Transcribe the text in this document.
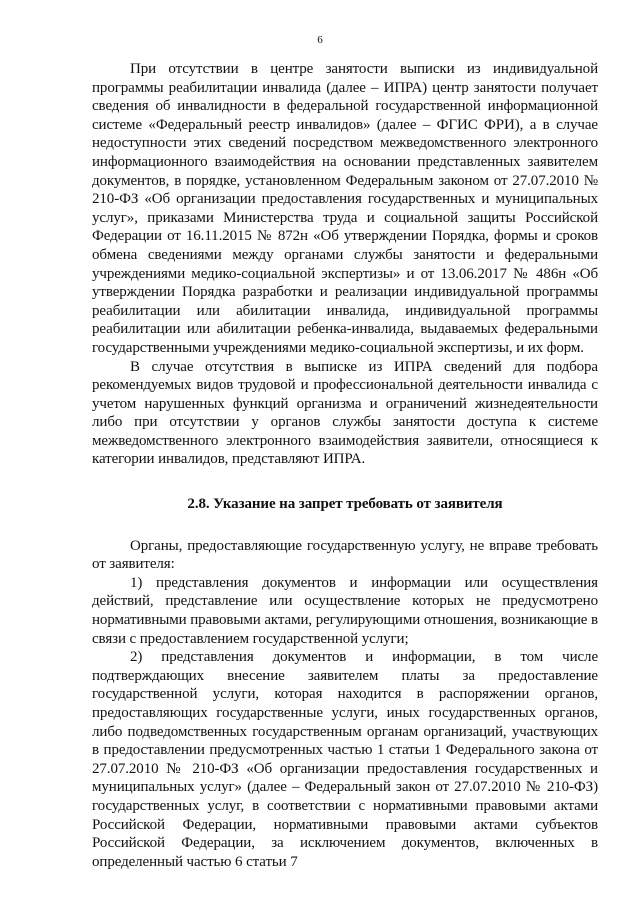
6

При отсутствии в центре занятости выписки из индивидуальной программы реабилитации инвалида (далее – ИПРА) центр занятости получает сведения об инвалидности в федеральной государственной информационной системе «Федеральный реестр инвалидов» (далее – ФГИС ФРИ), а в случае недоступности этих сведений посредством межведомственного электронного информационного взаимодействия на основании представленных заявителем документов, в порядке, установленном Федеральным законом от 27.07.2010 № 210-ФЗ «Об организации предоставления государственных и муниципальных услуг», приказами Министерства труда и социальной защиты Российской Федерации от 16.11.2015 № 872н «Об утверждении Порядка, формы и сроков обмена сведениями между органами службы занятости и федеральными учреждениями медико-социальной экспертизы» и от 13.06.2017 № 486н «Об утверждении Порядка разработки и реализации индивидуальной программы реабилитации или абилитации инвалида, индивидуальной программы реабилитации или абилитации ребенка-инвалида, выдаваемых федеральными государственными учреждениями медико-социальной экспертизы, и их форм.

В случае отсутствия в выписке из ИПРА сведений для подбора рекомендуемых видов трудовой и профессиональной деятельности инвалида с учетом нарушенных функций организма и ограничений жизнедеятельности либо при отсутствии у органов службы занятости доступа к системе межведомственного электронного взаимодействия заявители, относящиеся к категории инвалидов, представляют ИПРА.

2.8. Указание на запрет требовать от заявителя

Органы, предоставляющие государственную услугу, не вправе требовать от заявителя:

1) представления документов и информации или осуществления действий, представление или осуществление которых не предусмотрено нормативными правовыми актами, регулирующими отношения, возникающие в связи с предоставлением государственной услуги;

2) представления документов и информации, в том числе подтверждающих внесение заявителем платы за предоставление государственной услуги, которая находится в распоряжении органов, предоставляющих государственные услуги, иных государственных органов, либо подведомственных государственным органам организаций, участвующих в предоставлении предусмотренных частью 1 статьи 1 Федерального закона от 27.07.2010 № 210-ФЗ «Об организации предоставления государственных и муниципальных услуг» (далее – Федеральный закон от 27.07.2010 № 210-ФЗ) государственных услуг, в соответствии с нормативными правовыми актами Российской Федерации, нормативными правовыми актами субъектов Российской Федерации, за исключением документов, включенных в определенный частью 6 статьи 7
